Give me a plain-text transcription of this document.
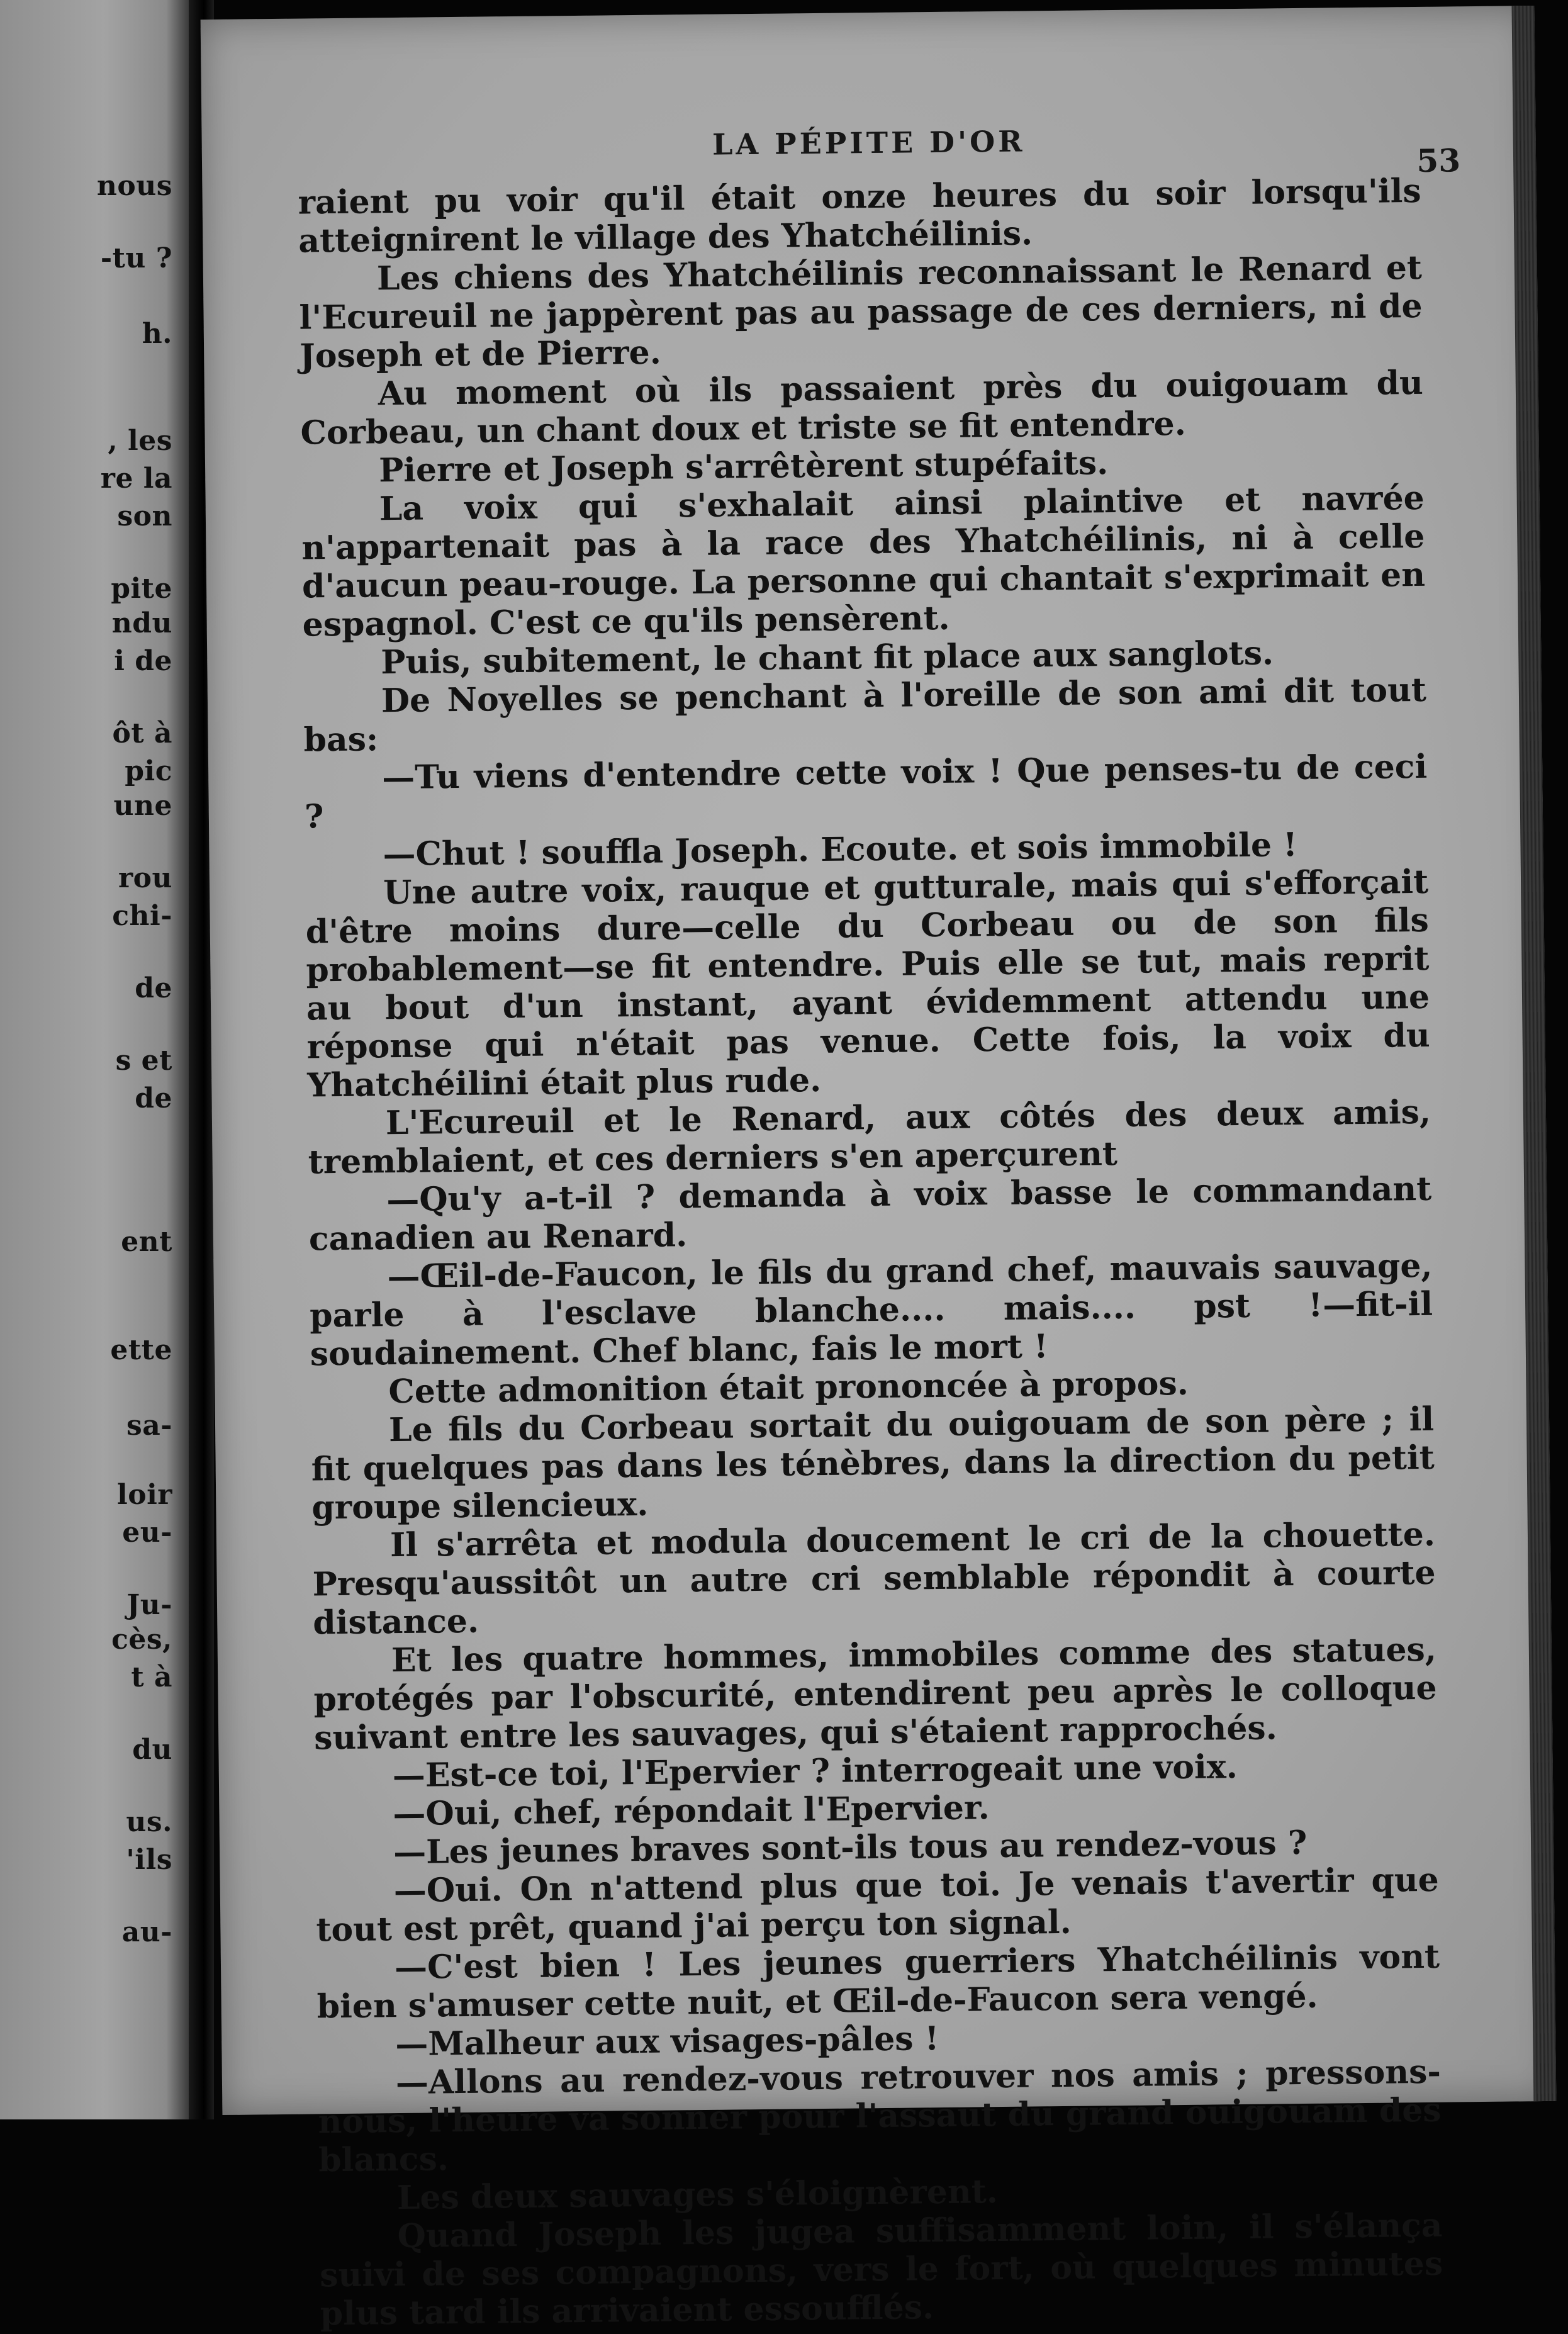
nous

-tu ?

h.

, les

re la

son

pite

ndu

i de

ôt à

pic

une

rou

chi-

de

s et

de

ent

ette

sa-

loir

eu-

Ju-

cès,

t à

du

us.

'ils

au-

LA PÉPITE D'OR	53

raient pu voir qu'il était onze heures du soir lorsqu'ils atteignirent le village des Yhatchéilinis.

Les chiens des Yhatchéilinis reconnaissant le Renard et l'Ecureuil ne jappèrent pas au passage de ces derniers, ni de Joseph et de Pierre.

Au moment où ils passaient près du ouigouam du Corbeau, un chant doux et triste se fit entendre.

Pierre et Joseph s'arrêtèrent stupéfaits.

La voix qui s'exhalait ainsi plaintive et navrée n'appartenait pas à la race des Yhatchéilinis, ni à celle d'aucun peau-rouge. La personne qui chantait s'exprimait en espagnol. C'est ce qu'ils pensèrent.

Puis, subitement, le chant fit place aux sanglots.

De Noyelles se penchant à l'oreille de son ami dit tout bas:

—Tu viens d'entendre cette voix ! Que penses-tu de ceci ?

—Chut ! souffla Joseph. Ecoute. et sois immobile !

Une autre voix, rauque et gutturale, mais qui s'efforçait d'être moins dure—celle du Corbeau ou de son fils probablement—se fit entendre. Puis elle se tut, mais reprit au bout d'un instant, ayant évidemment attendu une réponse qui n'était pas venue. Cette fois, la voix du Yhatchéilini était plus rude.

L'Ecureuil et le Renard, aux côtés des deux amis, tremblaient, et ces derniers s'en aperçurent

—Qu'y a-t-il ? demanda à voix basse le commandant canadien au Renard.

—Œil-de-Faucon, le fils du grand chef, mauvais sauvage, parle à l'esclave blanche.... mais.... pst !—fit-il soudainement. Chef blanc, fais le mort !

Cette admonition était prononcée à propos.

Le fils du Corbeau sortait du ouigouam de son père ; il fit quelques pas dans les ténèbres, dans la direction du petit groupe silencieux.

Il s'arrêta et modula doucement le cri de la chouette. Presqu'aussitôt un autre cri semblable répondit à courte distance.

Et les quatre hommes, immobiles comme des statues, protégés par l'obscurité, entendirent peu après le colloque suivant entre les sauvages, qui s'étaient rapprochés.

—Est-ce toi, l'Epervier ? interrogeait une voix.

—Oui, chef, répondait l'Epervier.

—Les jeunes braves sont-ils tous au rendez-vous ?

—Oui. On n'attend plus que toi. Je venais t'avertir que tout est prêt, quand j'ai perçu ton signal.

—C'est bien ! Les jeunes guerriers Yhatchéilinis vont bien s'amuser cette nuit, et Œil-de-Faucon sera vengé.

—Malheur aux visages-pâles !

—Allons au rendez-vous retrouver nos amis ; pressons-nous, l'heure va sonner pour l'assaut du grand ouigouam des blancs.

Les deux sauvages s'éloignèrent.

Quand Joseph les jugea suffisamment loin, il s'élança suivi de ses compagnons, vers le fort, où quelques minutes plus tard ils arrivaient essoufflés.
